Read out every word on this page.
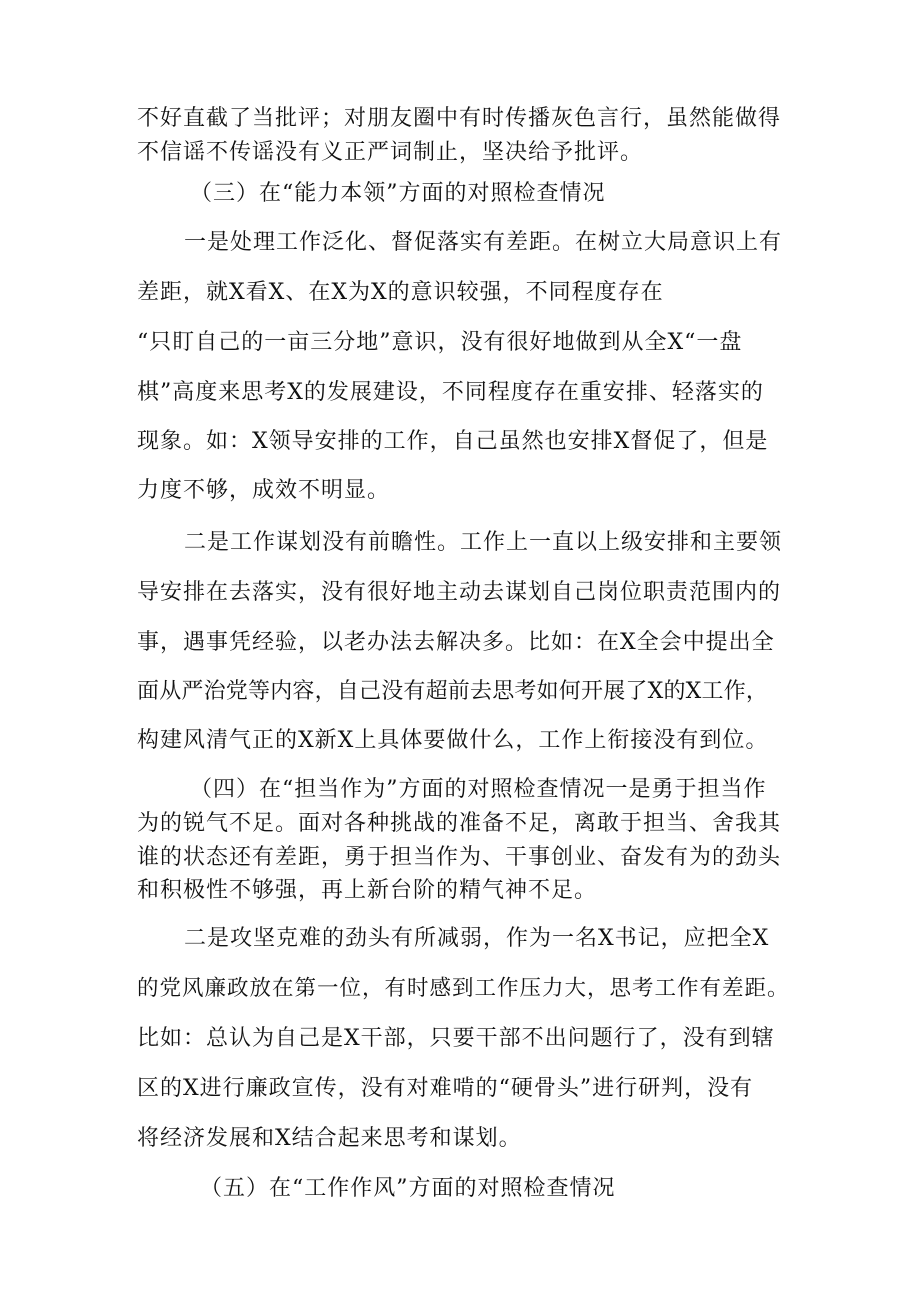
不好直截了当批评；对朋友圈中有时传播灰色言行，虽然能做得
不信谣不传谣没有义正严词制止，坚决给予批评。
（三）在“能力本领”方面的对照检查情况
一是处理工作泛化、督促落实有差距。在树立大局意识上有
差距，就X看X、在X为X的意识较强，不同程度存在
“只盯自己的一亩三分地”意识，没有很好地做到从全X“一盘
棋”高度来思考X的发展建设，不同程度存在重安排、轻落实的
现象。如：X领导安排的工作，自己虽然也安排X督促了，但是
力度不够，成效不明显。
二是工作谋划没有前瞻性。工作上一直以上级安排和主要领
导安排在去落实，没有很好地主动去谋划自己岗位职责范围内的
事，遇事凭经验，以老办法去解决多。比如：在X全会中提出全
面从严治党等内容，自己没有超前去思考如何开展了X的X工作，
构建风清气正的X新X上具体要做什么，工作上衔接没有到位。
（四）在“担当作为”方面的对照检查情况一是勇于担当作
为的锐气不足。面对各种挑战的准备不足，离敢于担当、舍我其
谁的状态还有差距，勇于担当作为、干事创业、奋发有为的劲头
和积极性不够强，再上新台阶的精气神不足。
二是攻坚克难的劲头有所减弱，作为一名X书记，应把全X
的党风廉政放在第一位，有时感到工作压力大，思考工作有差距。
比如：总认为自己是X干部，只要干部不出问题行了，没有到辖
区的X进行廉政宣传，没有对难啃的“硬骨头”进行研判，没有
将经济发展和X结合起来思考和谋划。
（五）在“工作作风”方面的对照检查情况
